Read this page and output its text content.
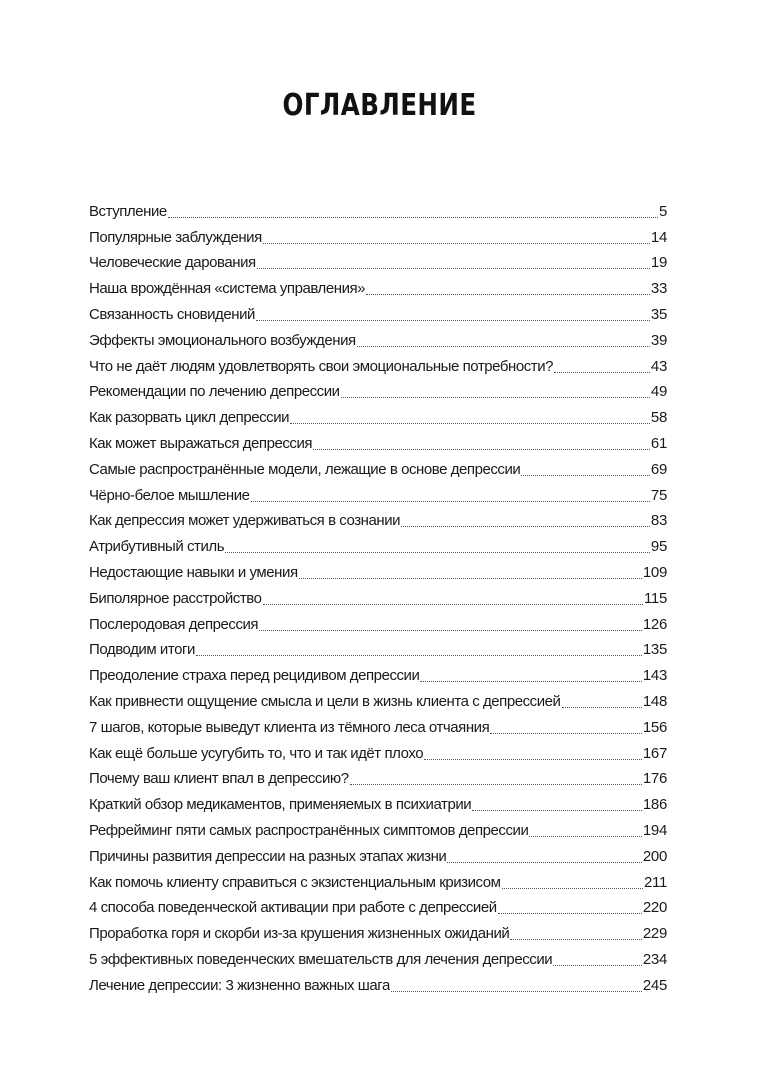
ОГЛАВЛЕНИЕ
Вступление	5
Популярные заблуждения	14
Человеческие дарования	19
Наша врождённая «система управления»	33
Связанность сновидений	35
Эффекты эмоционального возбуждения	39
Что не даёт людям удовлетворять свои эмоциональные потребности?	43
Рекомендации по лечению депрессии	49
Как разорвать цикл депрессии	58
Как может выражаться депрессия	61
Самые распространённые модели, лежащие в основе депрессии	69
Чёрно-белое мышление	75
Как депрессия может удерживаться в сознании	83
Атрибутивный стиль	95
Недостающие навыки и умения	109
Биполярное расстройство	115
Послеродовая депрессия	126
Подводим итоги	135
Преодоление страха перед рецидивом депрессии	143
Как привнести ощущение смысла и цели в жизнь клиента с депрессией	148
7 шагов, которые выведут клиента из тёмного леса отчаяния	156
Как ещё больше усугубить то, что и так идёт плохо	167
Почему ваш клиент впал в депрессию?	176
Краткий обзор медикаментов, применяемых в психиатрии	186
Рефрейминг пяти самых распространённых симптомов депрессии	194
Причины развития депрессии на разных этапах жизни	200
Как помочь клиенту справиться с экзистенциальным кризисом	211
4 способа поведенческой активации при работе с депрессией	220
Проработка горя и скорби из-за крушения жизненных ожиданий	229
5 эффективных поведенческих вмешательств для лечения депрессии	234
Лечение депрессии: 3 жизненно важных шага	245
